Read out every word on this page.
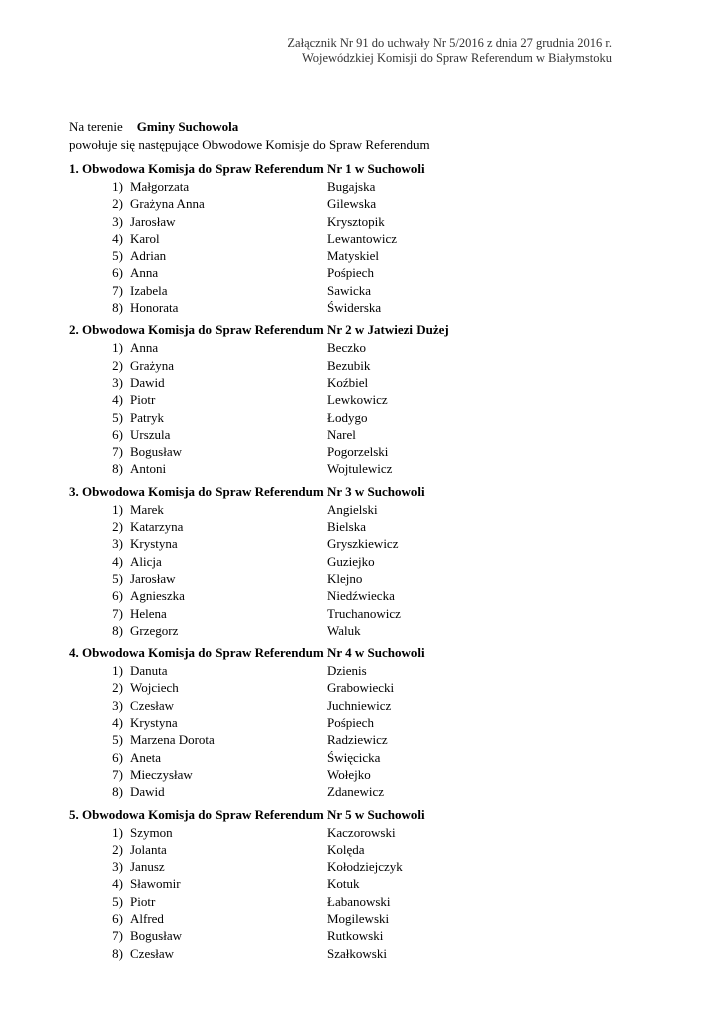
Załącznik Nr 91 do uchwały Nr 5/2016 z dnia 27 grudnia 2016 r.
Wojewódzkiej Komisji do Spraw Referendum w Białymstoku
Na terenie Gminy Suchowola
powołuje się następujące Obwodowe Komisje do Spraw Referendum
1. Obwodowa Komisja do Spraw Referendum Nr 1 w Suchowoli
1) Małgorzata	Bugajska
2) Grażyna Anna	Gilewska
3) Jarosław	Krysztopik
4) Karol	Lewantowicz
5) Adrian	Matyskiel
6) Anna	Pośpiech
7) Izabela	Sawicka
8) Honorata	Świderska
2. Obwodowa Komisja do Spraw Referendum Nr 2 w Jatwiezi Dużej
1) Anna	Beczko
2) Grażyna	Bezubik
3) Dawid	Koźbiel
4) Piotr	Lewkowicz
5) Patryk	Łodygo
6) Urszula	Narel
7) Bogusław	Pogorzelski
8) Antoni	Wojtulewicz
3. Obwodowa Komisja do Spraw Referendum Nr 3 w Suchowoli
1) Marek	Angielski
2) Katarzyna	Bielska
3) Krystyna	Gryszkiewicz
4) Alicja	Guziejko
5) Jarosław	Klejno
6) Agnieszka	Niedźwiecka
7) Helena	Truchanowicz
8) Grzegorz	Waluk
4. Obwodowa Komisja do Spraw Referendum Nr 4 w Suchowoli
1) Danuta	Dzienis
2) Wojciech	Grabowiecki
3) Czesław	Juchniewicz
4) Krystyna	Pośpiech
5) Marzena Dorota	Radziewicz
6) Aneta	Święcicka
7) Mieczysław	Wołejko
8) Dawid	Zdanewicz
5. Obwodowa Komisja do Spraw Referendum Nr 5 w Suchowoli
1) Szymon	Kaczorowski
2) Jolanta	Kolęda
3) Janusz	Kołodziejczyk
4) Sławomir	Kotuk
5) Piotr	Łabanowski
6) Alfred	Mogilewski
7) Bogusław	Rutkowski
8) Czesław	Szałkowski
